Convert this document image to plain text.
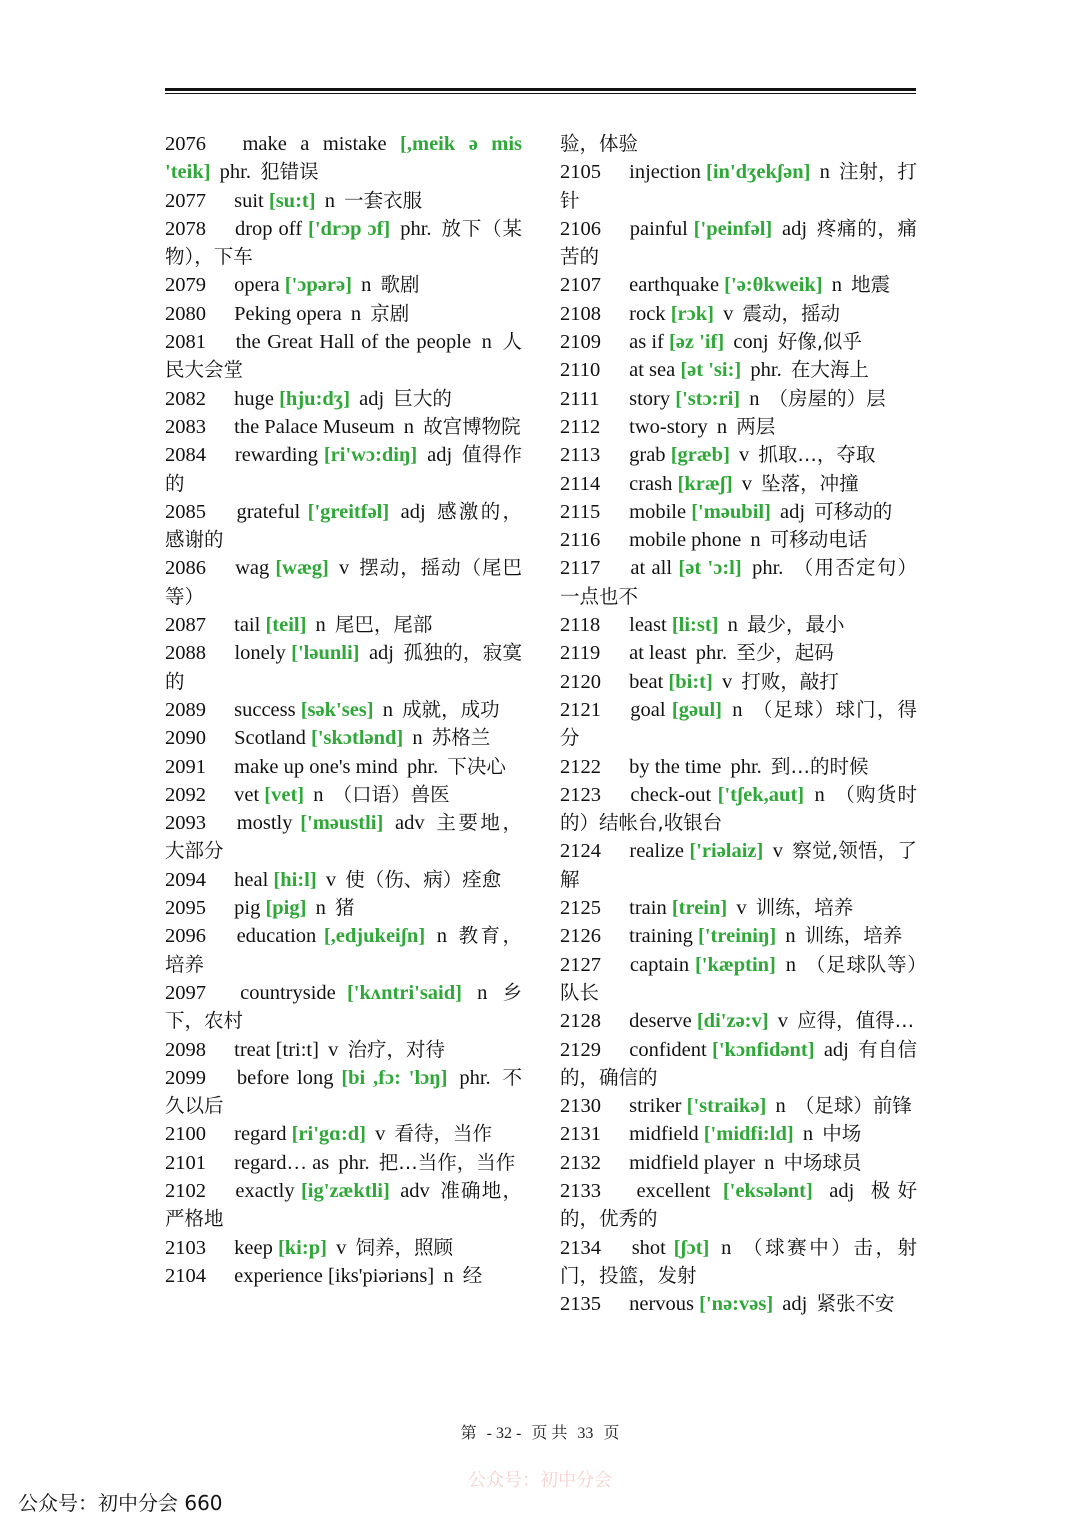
2076 make a mistake [,meik ə mis 'teik] phr. 犯错误

2077 suit [su:t] n 一套衣服

2078 drop off ['drɔp ɔf] phr. 放下（某物），下车

2079 opera ['ɔpərə] n 歌剧

2080 Peking opera n 京剧

2081 the Great Hall of the people n 人民大会堂

2082 huge [hju:dʒ] adj 巨大的

2083 the Palace Museum n 故宫博物院

2084 rewarding [ri'wɔ:diŋ] adj 值得作的

2085 grateful ['greitfəl] adj 感激的，感谢的

2086 wag [wæg] v 摆动，摇动（尾巴等）

2087 tail [teil] n 尾巴，尾部

2088 lonely ['ləunli] adj 孤独的，寂寞的

2089 success [sək'ses] n 成就，成功

2090 Scotland ['skɔtlənd] n 苏格兰

2091 make up one's mind phr. 下决心

2092 vet [vet] n （口语）兽医

2093 mostly ['məustli] adv 主要地，大部分

2094 heal [hi:l] v 使（伤、病）痊愈

2095 pig [pig] n 猪

2096 education [,edjukeiʃn] n 教育，培养

2097 countryside ['kʌntri'said] n 乡下，农村

2098 treat [tri:t] v 治疗，对待

2099 before long [bi ,fɔ: 'lɔŋ] phr. 不久以后

2100 regard [ri'gɑ:d] v 看待，当作

2101 regard… as phr. 把…当作，当作

2102 exactly [ig'zæktli] adv 准确地，严格地

2103 keep [ki:p] v 饲养，照顾

2104 experience [iks'piəriəns] n 经

验，体验

2105 injection [in'dʒekʃən] n 注射，打针

2106 painful ['peinfəl] adj 疼痛的，痛苦的

2107 earthquake ['ə:θkweik] n 地震

2108 rock [rɔk] v 震动，摇动

2109 as if [əz 'if] conj 好像,似乎

2110 at sea [ət 'si:] phr. 在大海上

2111 story ['stɔ:ri] n （房屋的）层

2112 two-story n 两层

2113 grab [græb] v 抓取…，夺取

2114 crash [kræʃ] v 坠落，冲撞

2115 mobile ['məubil] adj 可移动的

2116 mobile phone n 可移动电话

2117 at all [ət 'ɔ:l] phr. （用否定句）一点也不

2118 least [li:st] n 最少，最小

2119 at least phr. 至少，起码

2120 beat [bi:t] v 打败，敲打

2121 goal [gəul] n （足球）球门，得分

2122 by the time phr. 到…的时候

2123 check-out ['tʃek,aut] n （购货时的）结帐台,收银台

2124 realize ['riəlaiz] v 察觉,领悟，了解

2125 train [trein] v 训练，培养

2126 training ['treiniŋ] n 训练，培养

2127 captain ['kæptin] n （足球队等）队长

2128 deserve [di'zə:v] v 应得，值得…

2129 confident ['kɔnfidənt] adj 有自信的，确信的

2130 striker ['straikə] n （足球）前锋

2131 midfield ['midfi:ld] n 中场

2132 midfield player n 中场球员

2133 excellent ['eksələnt] adj 极好的，优秀的

2134 shot [ʃɔt] n （球赛中）击，射门，投篮，发射

2135 nervous ['nə:vəs] adj 紧张不安

第 - 32 - 页 共 33 页
公众号：初中分会
公众号：初中分会 660
